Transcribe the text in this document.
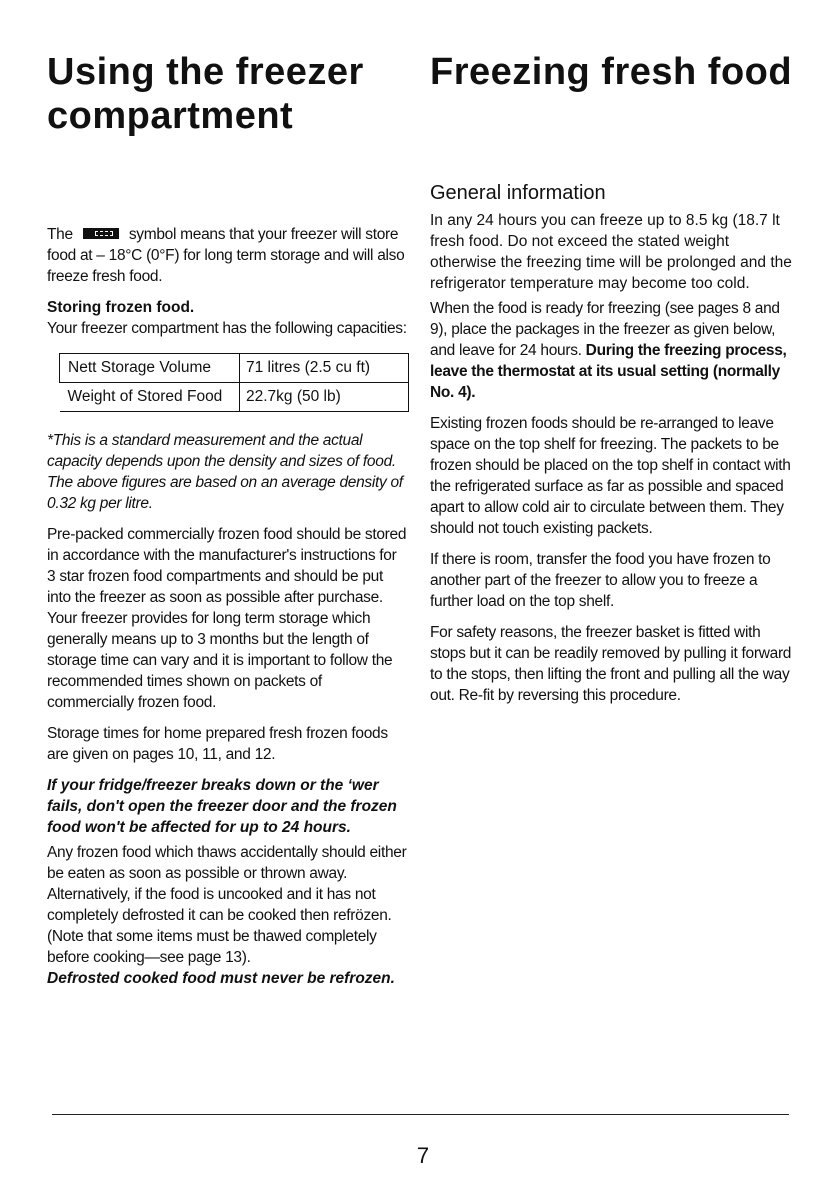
Using the freezer
compartment

The	symbol means that your freezer will store food at – 18°C (0°F) for long term storage and will also freeze fresh food.

Storing frozen food.

Your freezer compartment has the following capacities:

Nett Storage Volume	71 litres (2.5 cu ft)
Weight of Stored Food	22.7kg (50 lb)

*This is a standard measurement and the actual capacity depends upon the density and sizes of food. The above figures are based on an average density of 0.32 kg per litre.

Pre-packed commercially frozen food should be stored in accordance with the manufacturer's instructions for 3 star frozen food compartments and should be put into the freezer as soon as possible after purchase. Your freezer provides for long term storage which generally means up to 3 months but the length of storage time can vary and it is important to follow the recommended times shown on packets of commercially frozen food.

Storage times for home prepared fresh frozen foods are given on pages 10, 11, and 12.

If your fridge/freezer breaks down or the ‘wer fails, don't open the freezer door and the frozen food won't be affected for up to 24 hours.

Any frozen food which thaws accidentally should either be eaten as soon as possible or thrown away. Alternatively, if the food is uncooked and it has not completely defrosted it can be cooked then refrözen. (Note that some items must be thawed completely before cooking—see page 13).

Defrosted cooked food must never be refrozen.

Freezing fresh food
General information

In any 24 hours you can freeze up to 8.5 kg (18.7 lt fresh food. Do not exceed the stated weight otherwise the freezing time will be prolonged and the refrigerator temperature may become too cold.

When the food is ready for freezing (see pages 8 and 9), place the packages in the freezer as given below, and leave for 24 hours. During the freezing process, leave the thermostat at its usual setting (normally No. 4).

Existing frozen foods should be re-arranged to leave space on the top shelf for freezing. The packets to be frozen should be placed on the top shelf in contact with the refrigerated surface as far as possible and spaced apart to allow cold air to circulate between them. They should not touch existing packets.

If there is room, transfer the food you have frozen to another part of the freezer to allow you to freeze a further load on the top shelf.

For safety reasons, the freezer basket is fitted with stops but it can be readily removed by pulling it forward to the stops, then lifting the front and pulling all the way out. Re-fit by reversing this procedure.

7
